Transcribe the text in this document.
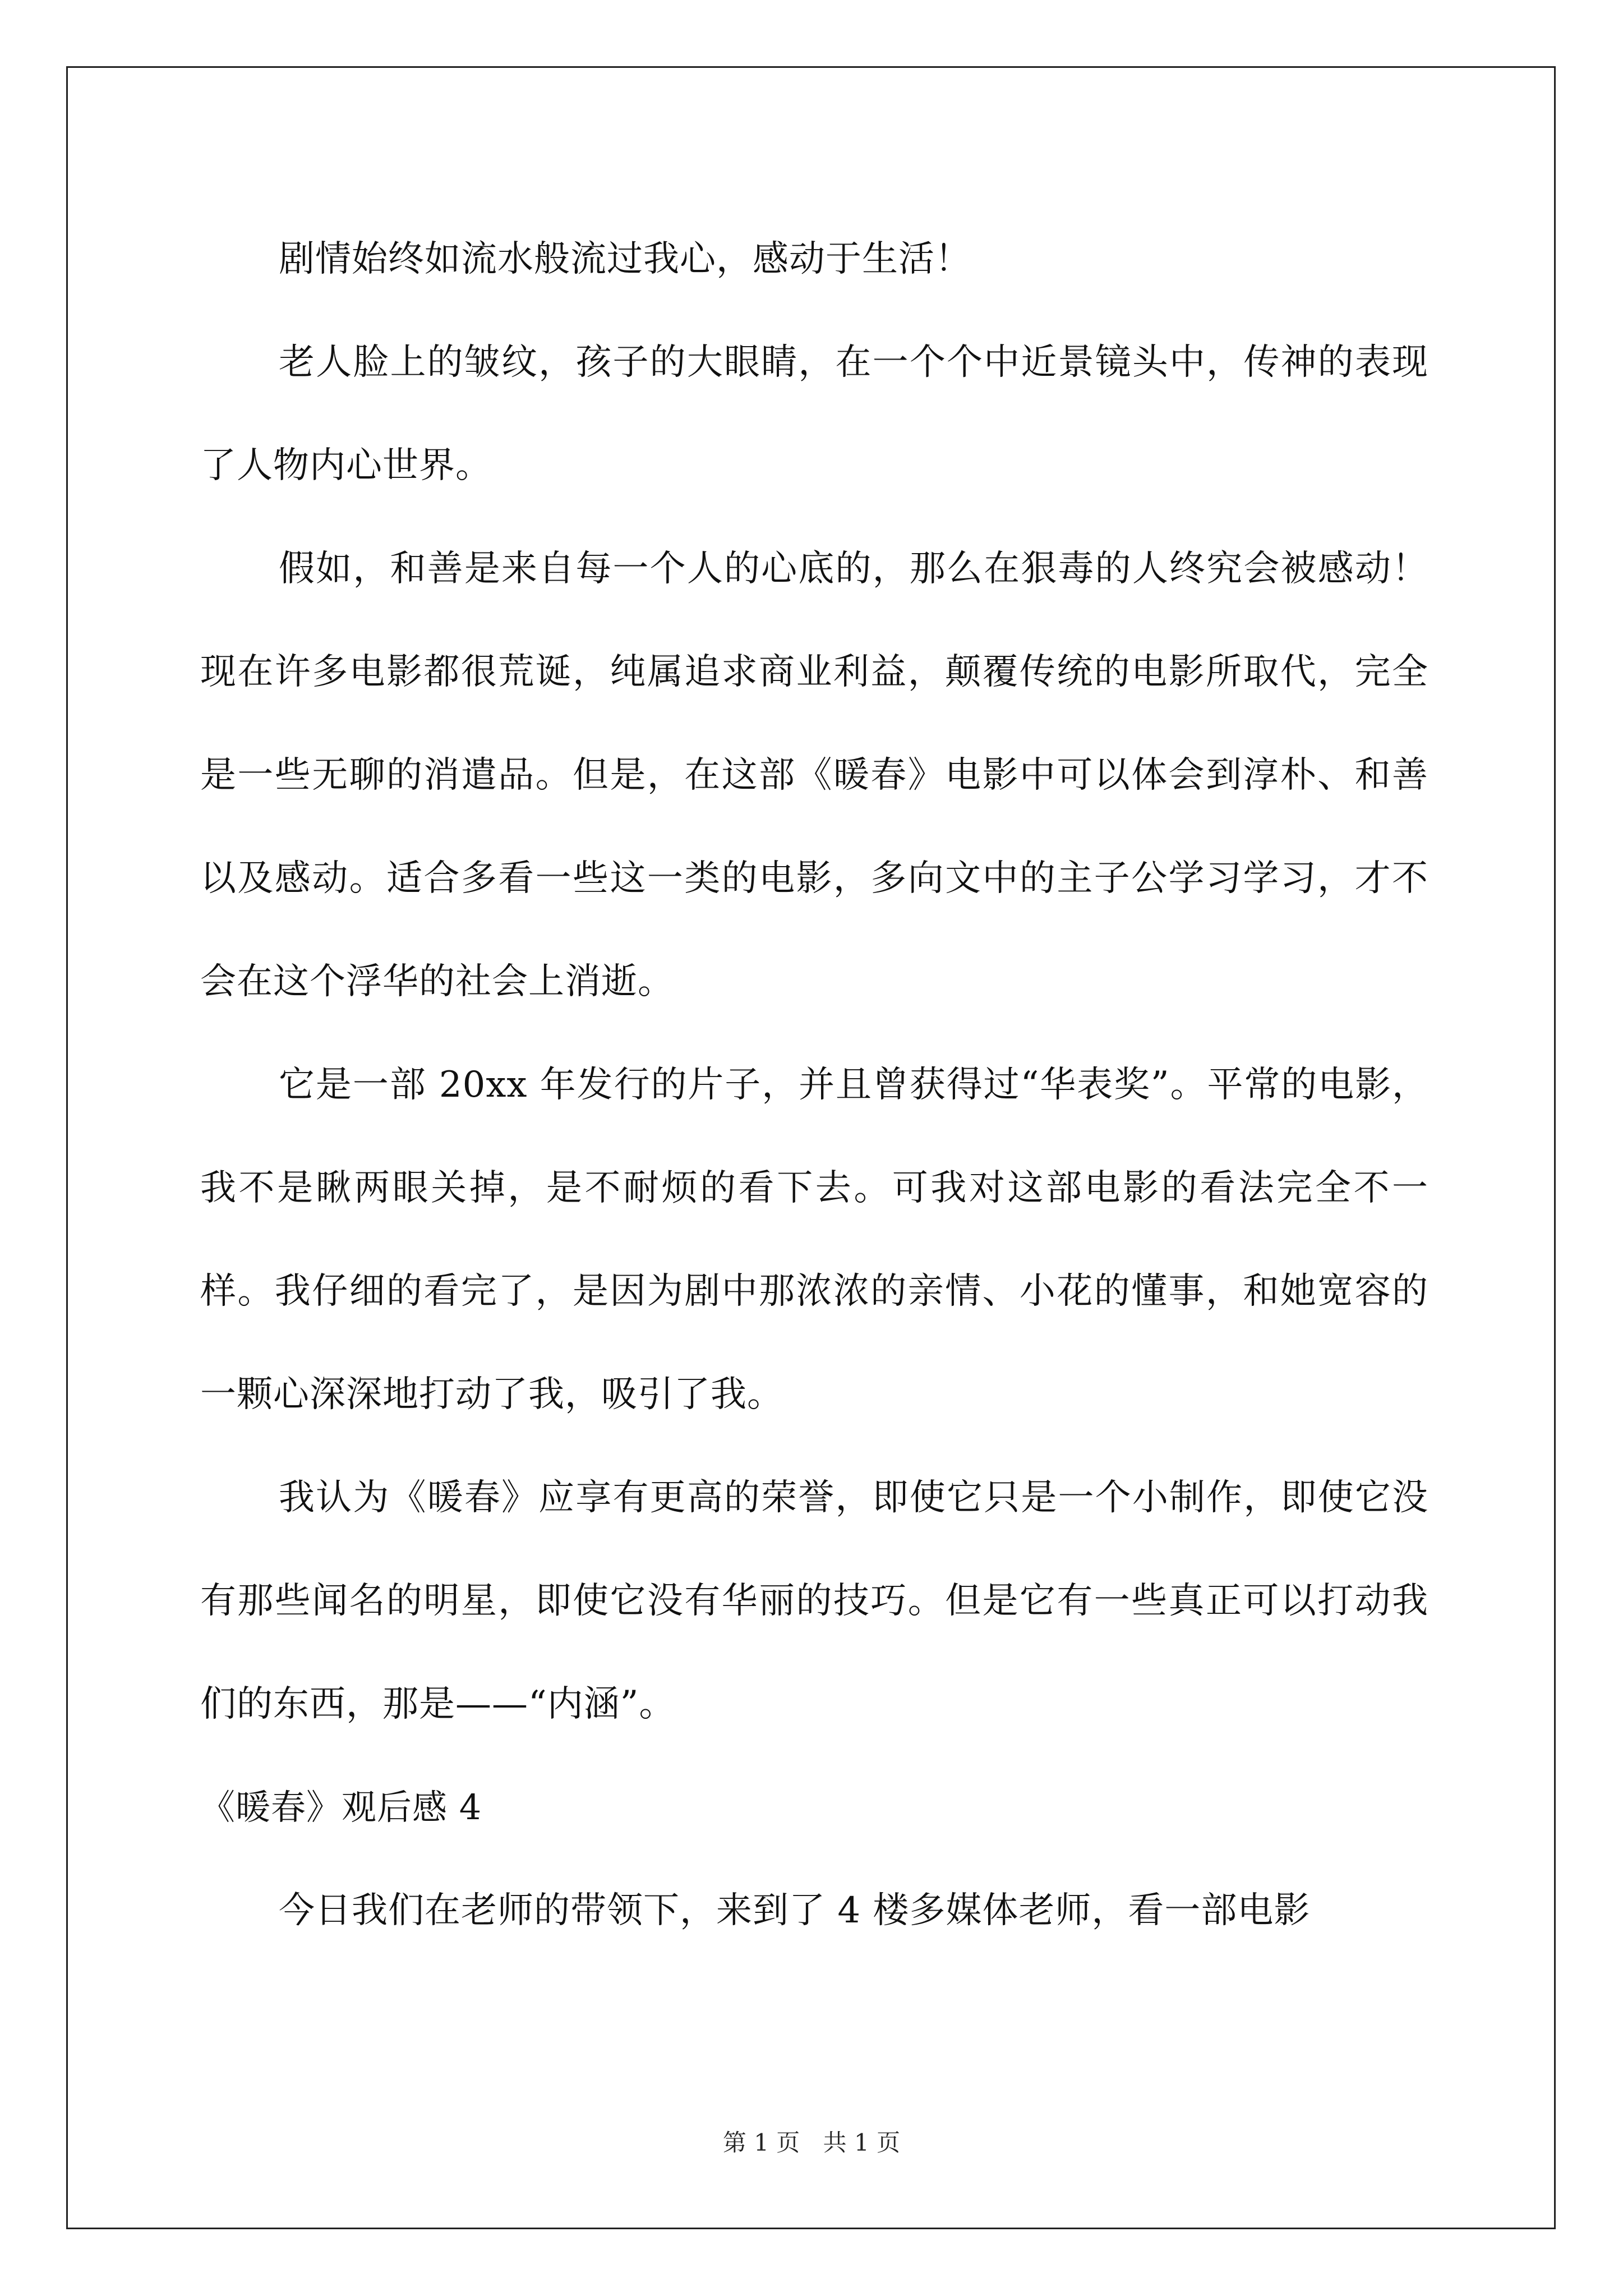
剧情始终如流水般流过我心，感动于生活！

老人脸上的皱纹，孩子的大眼睛，在一个个中近景镜头中，传神的表现了人物内心世界。

假如，和善是来自每一个人的心底的，那么在狠毒的人终究会被感动！现在许多电影都很荒诞，纯属追求商业利益，颠覆传统的电影所取代，完全是一些无聊的消遣品。但是，在这部《暖春》电影中可以体会到淳朴、和善以及感动。适合多看一些这一类的电影，多向文中的主子公学习学习，才不会在这个浮华的社会上消逝。

它是一部 20xx 年发行的片子，并且曾获得过“华表奖”。平常的电影，我不是瞅两眼关掉，是不耐烦的看下去。可我对这部电影的看法完全不一样。我仔细的看完了，是因为剧中那浓浓的亲情、小花的懂事，和她宽容的一颗心深深地打动了我，吸引了我。

我认为《暖春》应享有更高的荣誉，即使它只是一个小制作，即使它没有那些闻名的明星，即使它没有华丽的技巧。但是它有一些真正可以打动我们的东西，那是——“内涵”。

《暖春》观后感 4

今日我们在老师的带领下，来到了 4 楼多媒体老师，看一部电影

第 1 页 共 1 页
